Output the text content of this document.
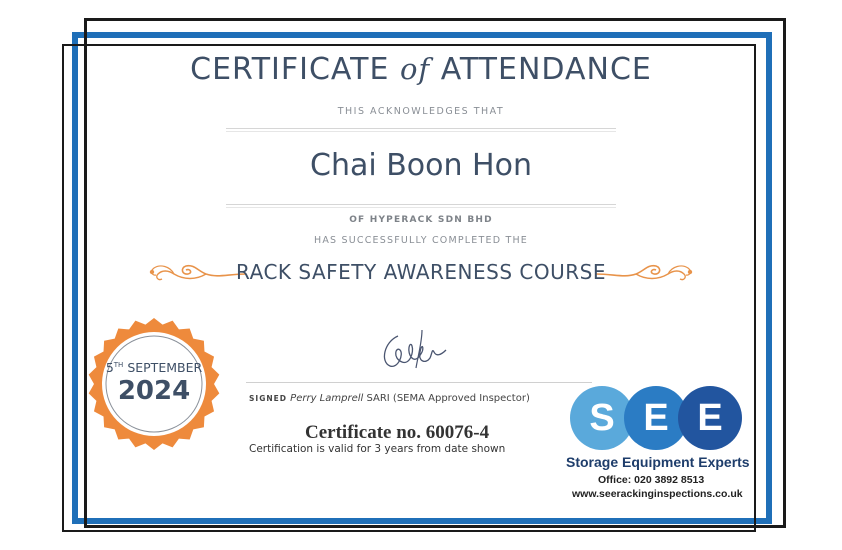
CERTIFICATE of ATTENDANCE
THIS ACKNOWLEDGES THAT
Chai Boon Hon
OF HYPERACK SDN BHD
HAS SUCCESSFULLY COMPLETED THE
RACK SAFETY AWARENESS COURSE
5TH SEPTEMBER
2024	SIGNED Perry Lamprell SARI (SEMA Approved Inspector)
Certificate no. 60076-4
Certification is valid for 3 years from date shown
S E E
Storage Equipment Experts
Office: 020 3892 8513
www.seerackinginspections.co.uk
